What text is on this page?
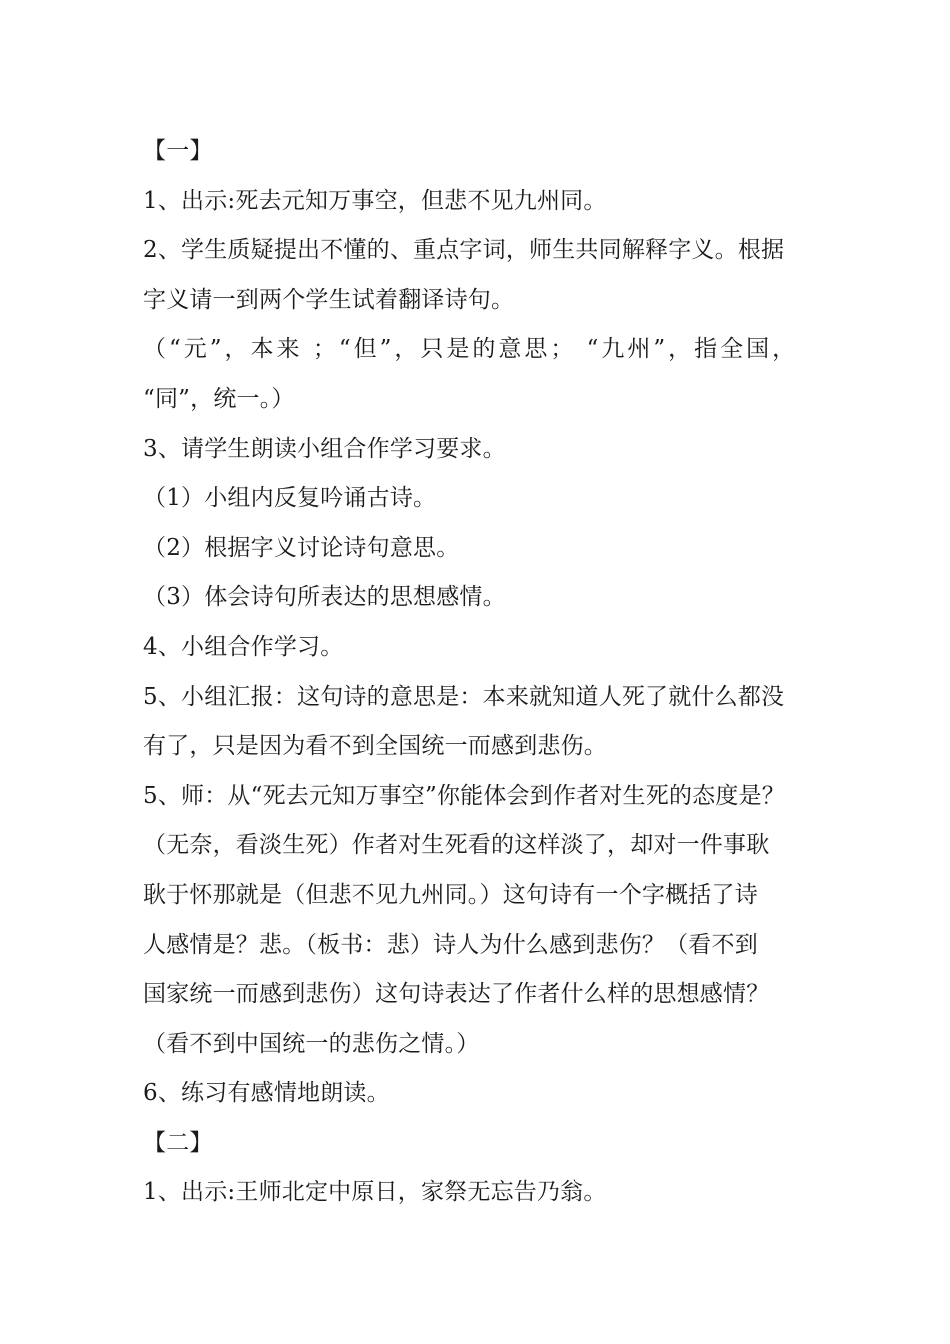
【一】
1、出示:死去元知万事空，但悲不见九州同。
2、学生质疑提出不懂的、重点字词，师生共同解释字义。根据
字义请一到两个学生试着翻译诗句。
（“元”，本来 ；“但”，只是的意思； “九州”，指全国，
“同”，统一。）
3、请学生朗读小组合作学习要求。
（1）小组内反复吟诵古诗。
（2）根据字义讨论诗句意思。
（3）体会诗句所表达的思想感情。
4、小组合作学习。
5、小组汇报：这句诗的意思是：本来就知道人死了就什么都没
有了，只是因为看不到全国统一而感到悲伤。
5、师：从“死去元知万事空”你能体会到作者对生死的态度是？
（无奈，看淡生死）作者对生死看的这样淡了，却对一件事耿
耿于怀那就是（但悲不见九州同。）这句诗有一个字概括了诗
人感情是？悲。（板书：悲）诗人为什么感到悲伤？（看不到
国家统一而感到悲伤）这句诗表达了作者什么样的思想感情？
（看不到中国统一的悲伤之情。）
6、练习有感情地朗读。
【二】
1、出示:王师北定中原日，家祭无忘告乃翁。
